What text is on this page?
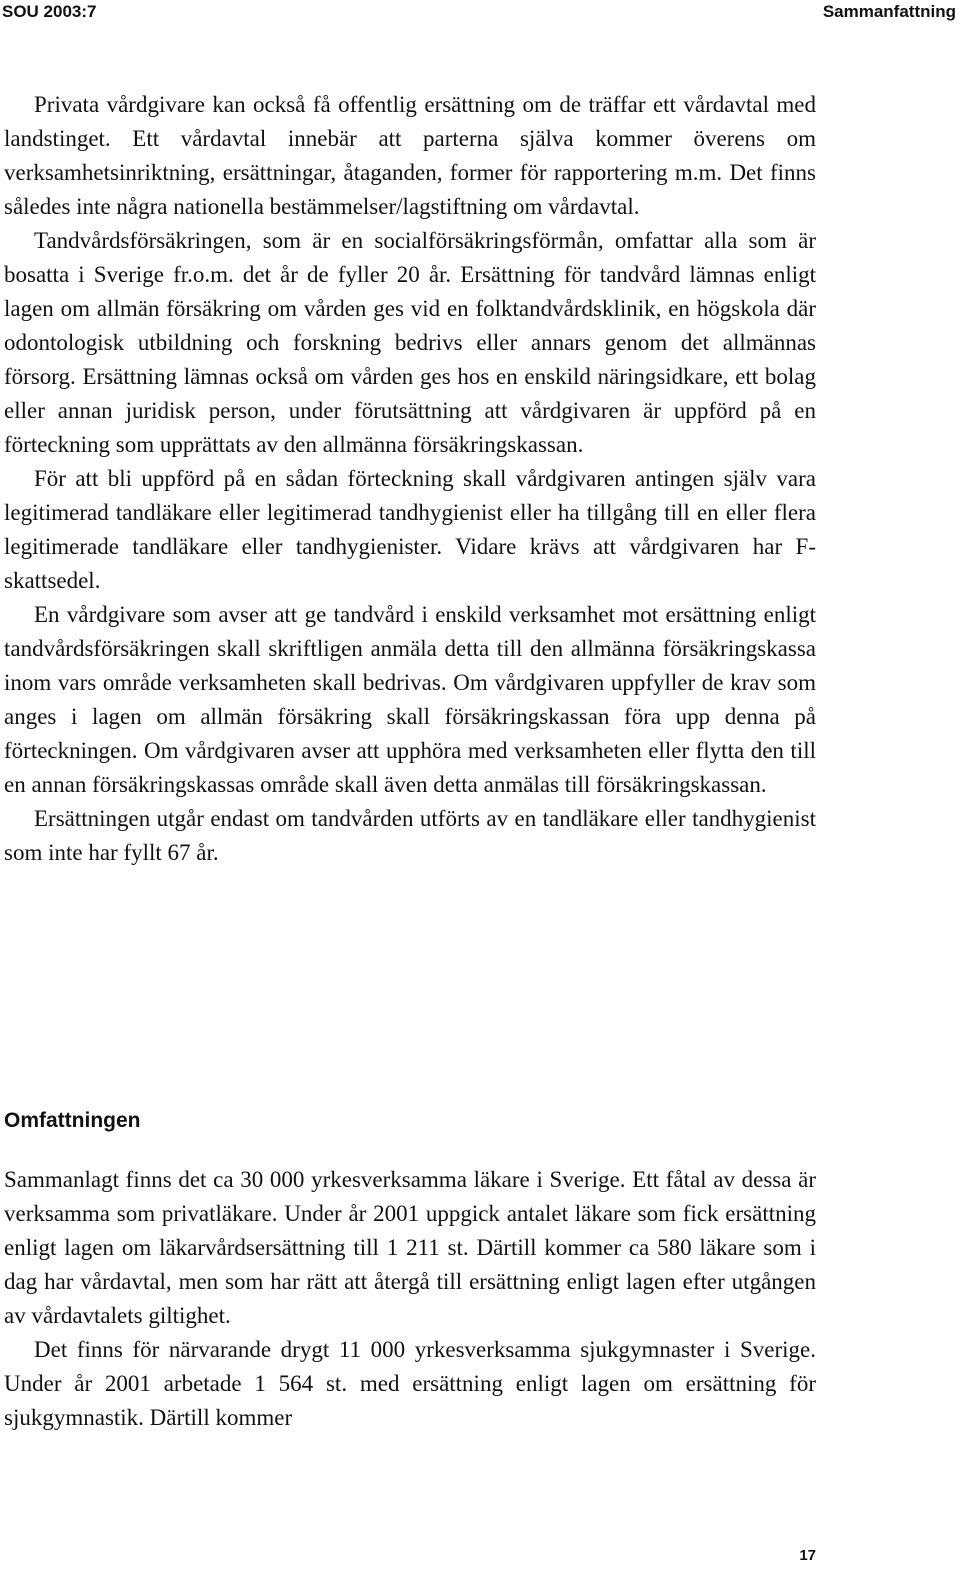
SOU 2003:7	Sammanfattning

Privata vårdgivare kan också få offentlig ersättning om de träffar ett vårdavtal med landstinget. Ett vårdavtal innebär att parterna själva kommer överens om verksamhetsinriktning, ersättningar, åtaganden, former för rapportering m.m. Det finns således inte några nationella bestämmelser/lagstiftning om vårdavtal.

Tandvårdsförsäkringen, som är en socialförsäkringsförmån, omfattar alla som är bosatta i Sverige fr.o.m. det år de fyller 20 år. Ersättning för tandvård lämnas enligt lagen om allmän försäkring om vården ges vid en folktandvårdsklinik, en högskola där odontologisk utbildning och forskning bedrivs eller annars genom det allmännas försorg. Ersättning lämnas också om vården ges hos en enskild näringsidkare, ett bolag eller annan juridisk person, under förutsättning att vårdgivaren är uppförd på en förteckning som upprättats av den allmänna försäkringskassan.

För att bli uppförd på en sådan förteckning skall vårdgivaren antingen själv vara legitimerad tandläkare eller legitimerad tandhygienist eller ha tillgång till en eller flera legitimerade tandläkare eller tandhygienister. Vidare krävs att vårdgivaren har F-skattsedel.

En vårdgivare som avser att ge tandvård i enskild verksamhet mot ersättning enligt tandvårdsförsäkringen skall skriftligen anmäla detta till den allmänna försäkringskassa inom vars område verksamheten skall bedrivas. Om vårdgivaren uppfyller de krav som anges i lagen om allmän försäkring skall försäkringskassan föra upp denna på förteckningen. Om vårdgivaren avser att upphöra med verksamheten eller flytta den till en annan försäkringskassas område skall även detta anmälas till försäkringskassan.

Ersättningen utgår endast om tandvården utförts av en tandläkare eller tandhygienist som inte har fyllt 67 år.

Omfattningen

Sammanlagt finns det ca 30 000 yrkesverksamma läkare i Sverige. Ett fåtal av dessa är verksamma som privatläkare. Under år 2001 uppgick antalet läkare som fick ersättning enligt lagen om läkarvårdsersättning till 1 211 st. Därtill kommer ca 580 läkare som i dag har vårdavtal, men som har rätt att återgå till ersättning enligt lagen efter utgången av vårdavtalets giltighet.

Det finns för närvarande drygt 11 000 yrkesverksamma sjukgymnaster i Sverige. Under år 2001 arbetade 1 564 st. med ersättning enligt lagen om ersättning för sjukgymnastik. Därtill kommer

17
